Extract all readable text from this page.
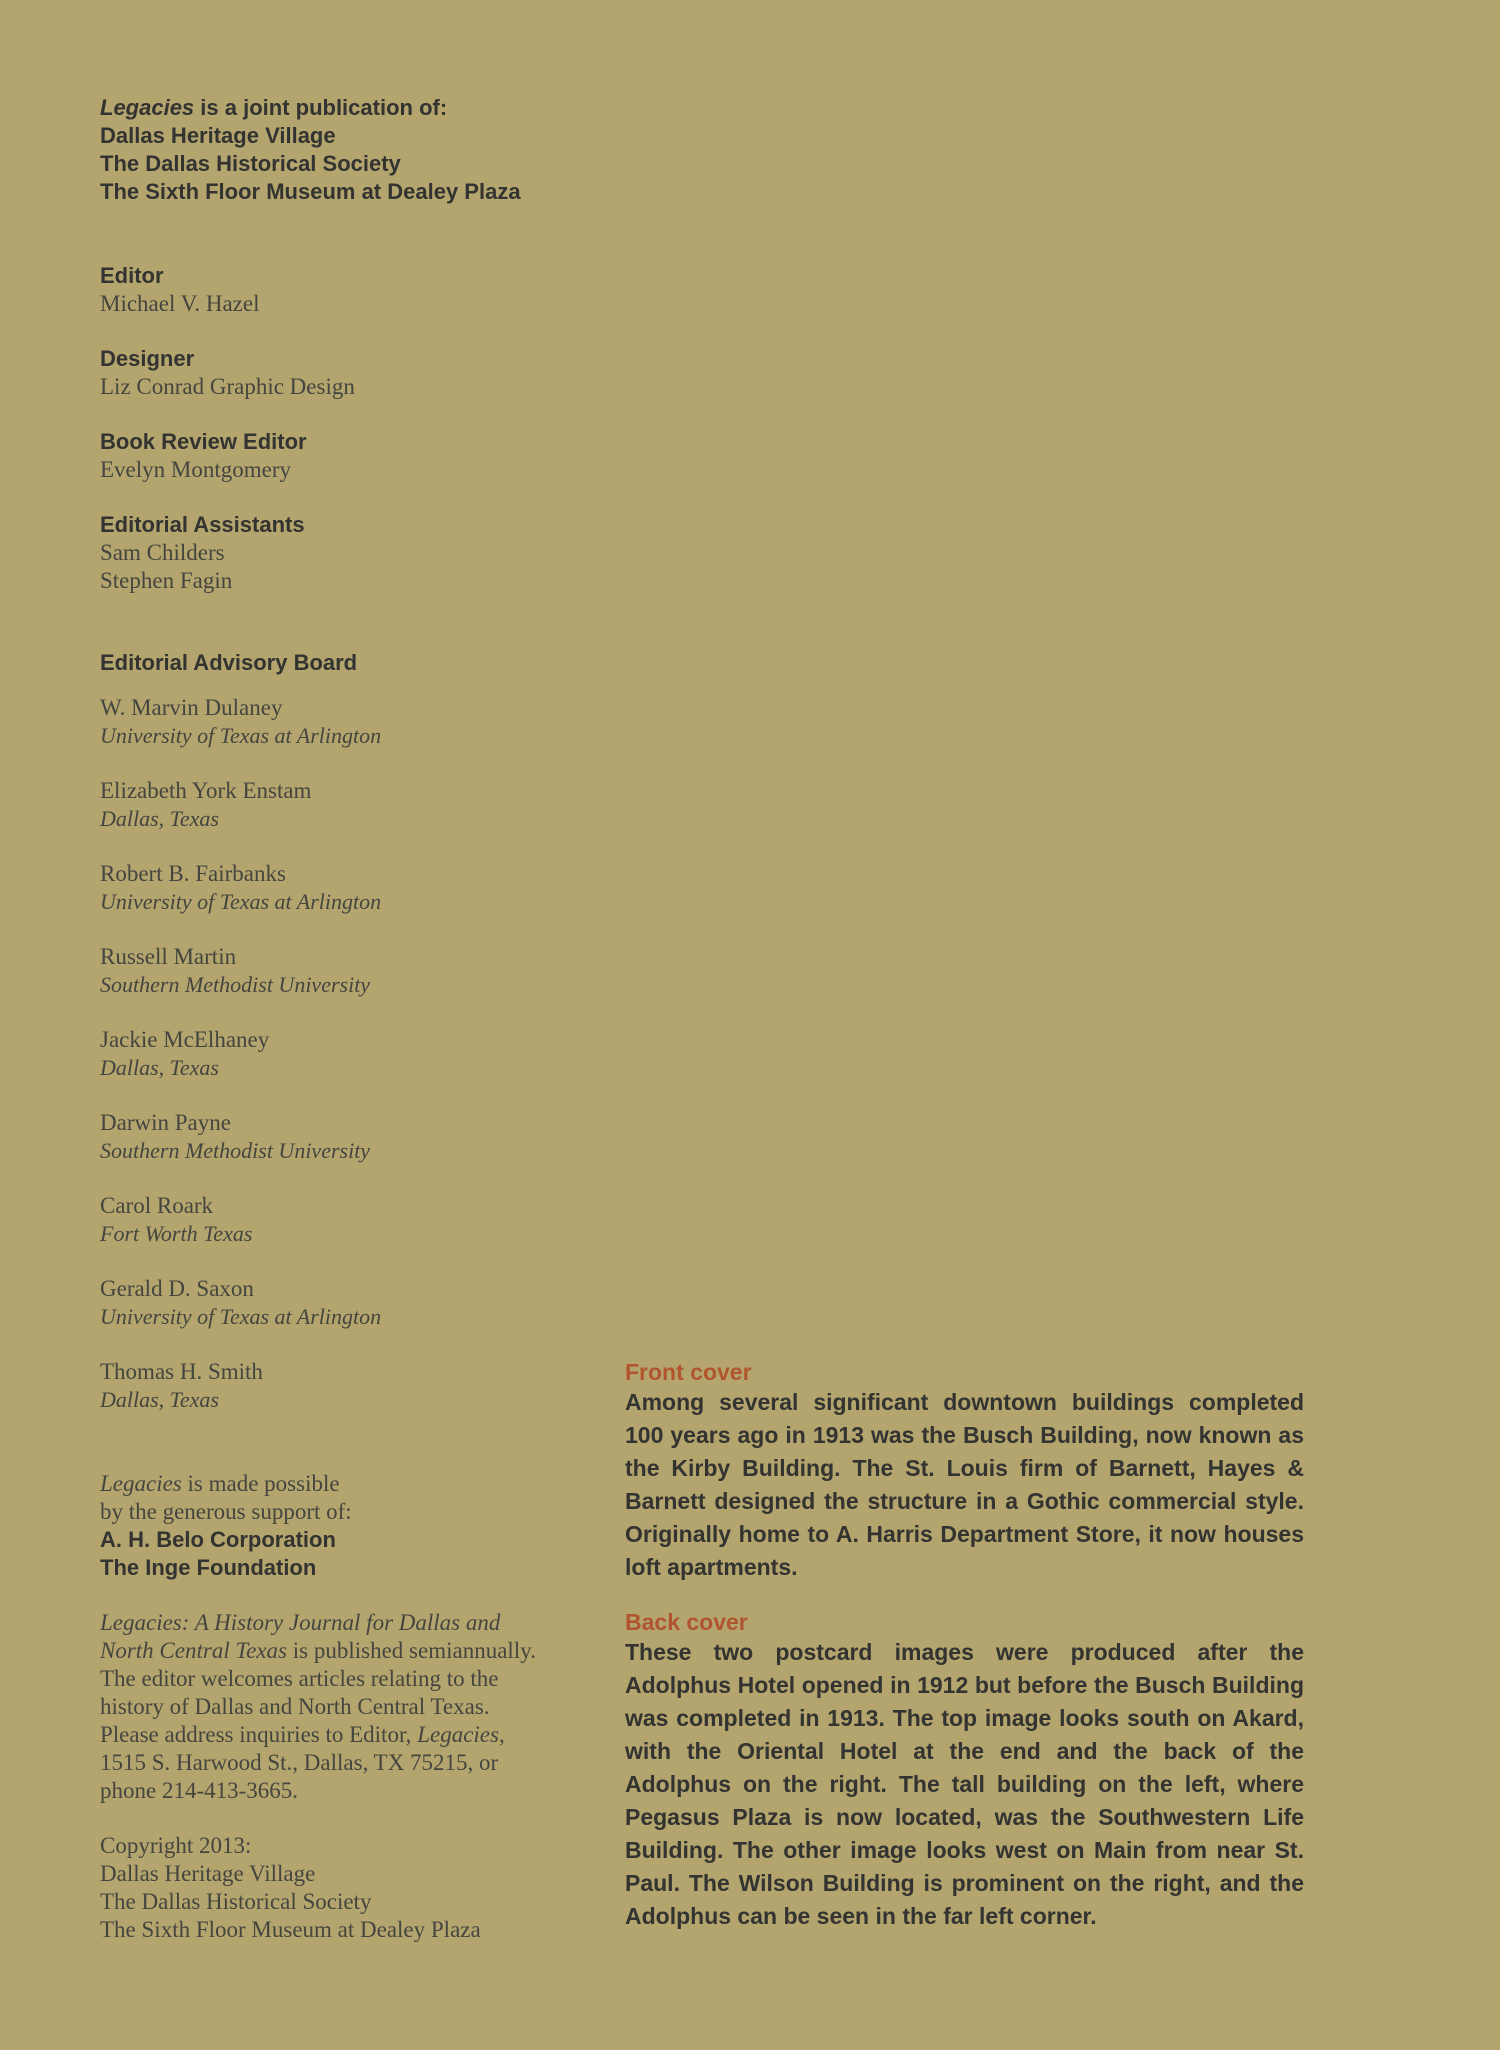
Legacies is a joint publication of:
Dallas Heritage Village
The Dallas Historical Society
The Sixth Floor Museum at Dealey Plaza
Editor
Michael V. Hazel
Designer
Liz Conrad Graphic Design
Book Review Editor
Evelyn Montgomery
Editorial Assistants
Sam Childers
Stephen Fagin
Editorial Advisory Board
W. Marvin Dulaney
University of Texas at Arlington
Elizabeth York Enstam
Dallas, Texas
Robert B. Fairbanks
University of Texas at Arlington
Russell Martin
Southern Methodist University
Jackie McElhaney
Dallas, Texas
Darwin Payne
Southern Methodist University
Carol Roark
Fort Worth Texas
Gerald D. Saxon
University of Texas at Arlington
Thomas H. Smith
Dallas, Texas
Legacies is made possible
by the generous support of:
A. H. Belo Corporation
The Inge Foundation
Legacies: A History Journal for Dallas and North Central Texas is published semiannually. The editor welcomes articles relating to the history of Dallas and North Central Texas. Please address inquiries to Editor, Legacies, 1515 S. Harwood St., Dallas, TX 75215, or phone 214-413-3665.
Copyright 2013:
Dallas Heritage Village
The Dallas Historical Society
The Sixth Floor Museum at Dealey Plaza
Front cover
Among several significant downtown buildings completed 100 years ago in 1913 was the Busch Building, now known as the Kirby Building. The St. Louis firm of Barnett, Hayes & Barnett designed the structure in a Gothic commercial style. Originally home to A. Harris Department Store, it now houses loft apartments.
Back cover
These two postcard images were produced after the Adolphus Hotel opened in 1912 but before the Busch Building was completed in 1913. The top image looks south on Akard, with the Oriental Hotel at the end and the back of the Adolphus on the right. The tall building on the left, where Pegasus Plaza is now located, was the Southwestern Life Building. The other image looks west on Main from near St. Paul. The Wilson Building is prominent on the right, and the Adolphus can be seen in the far left corner.
